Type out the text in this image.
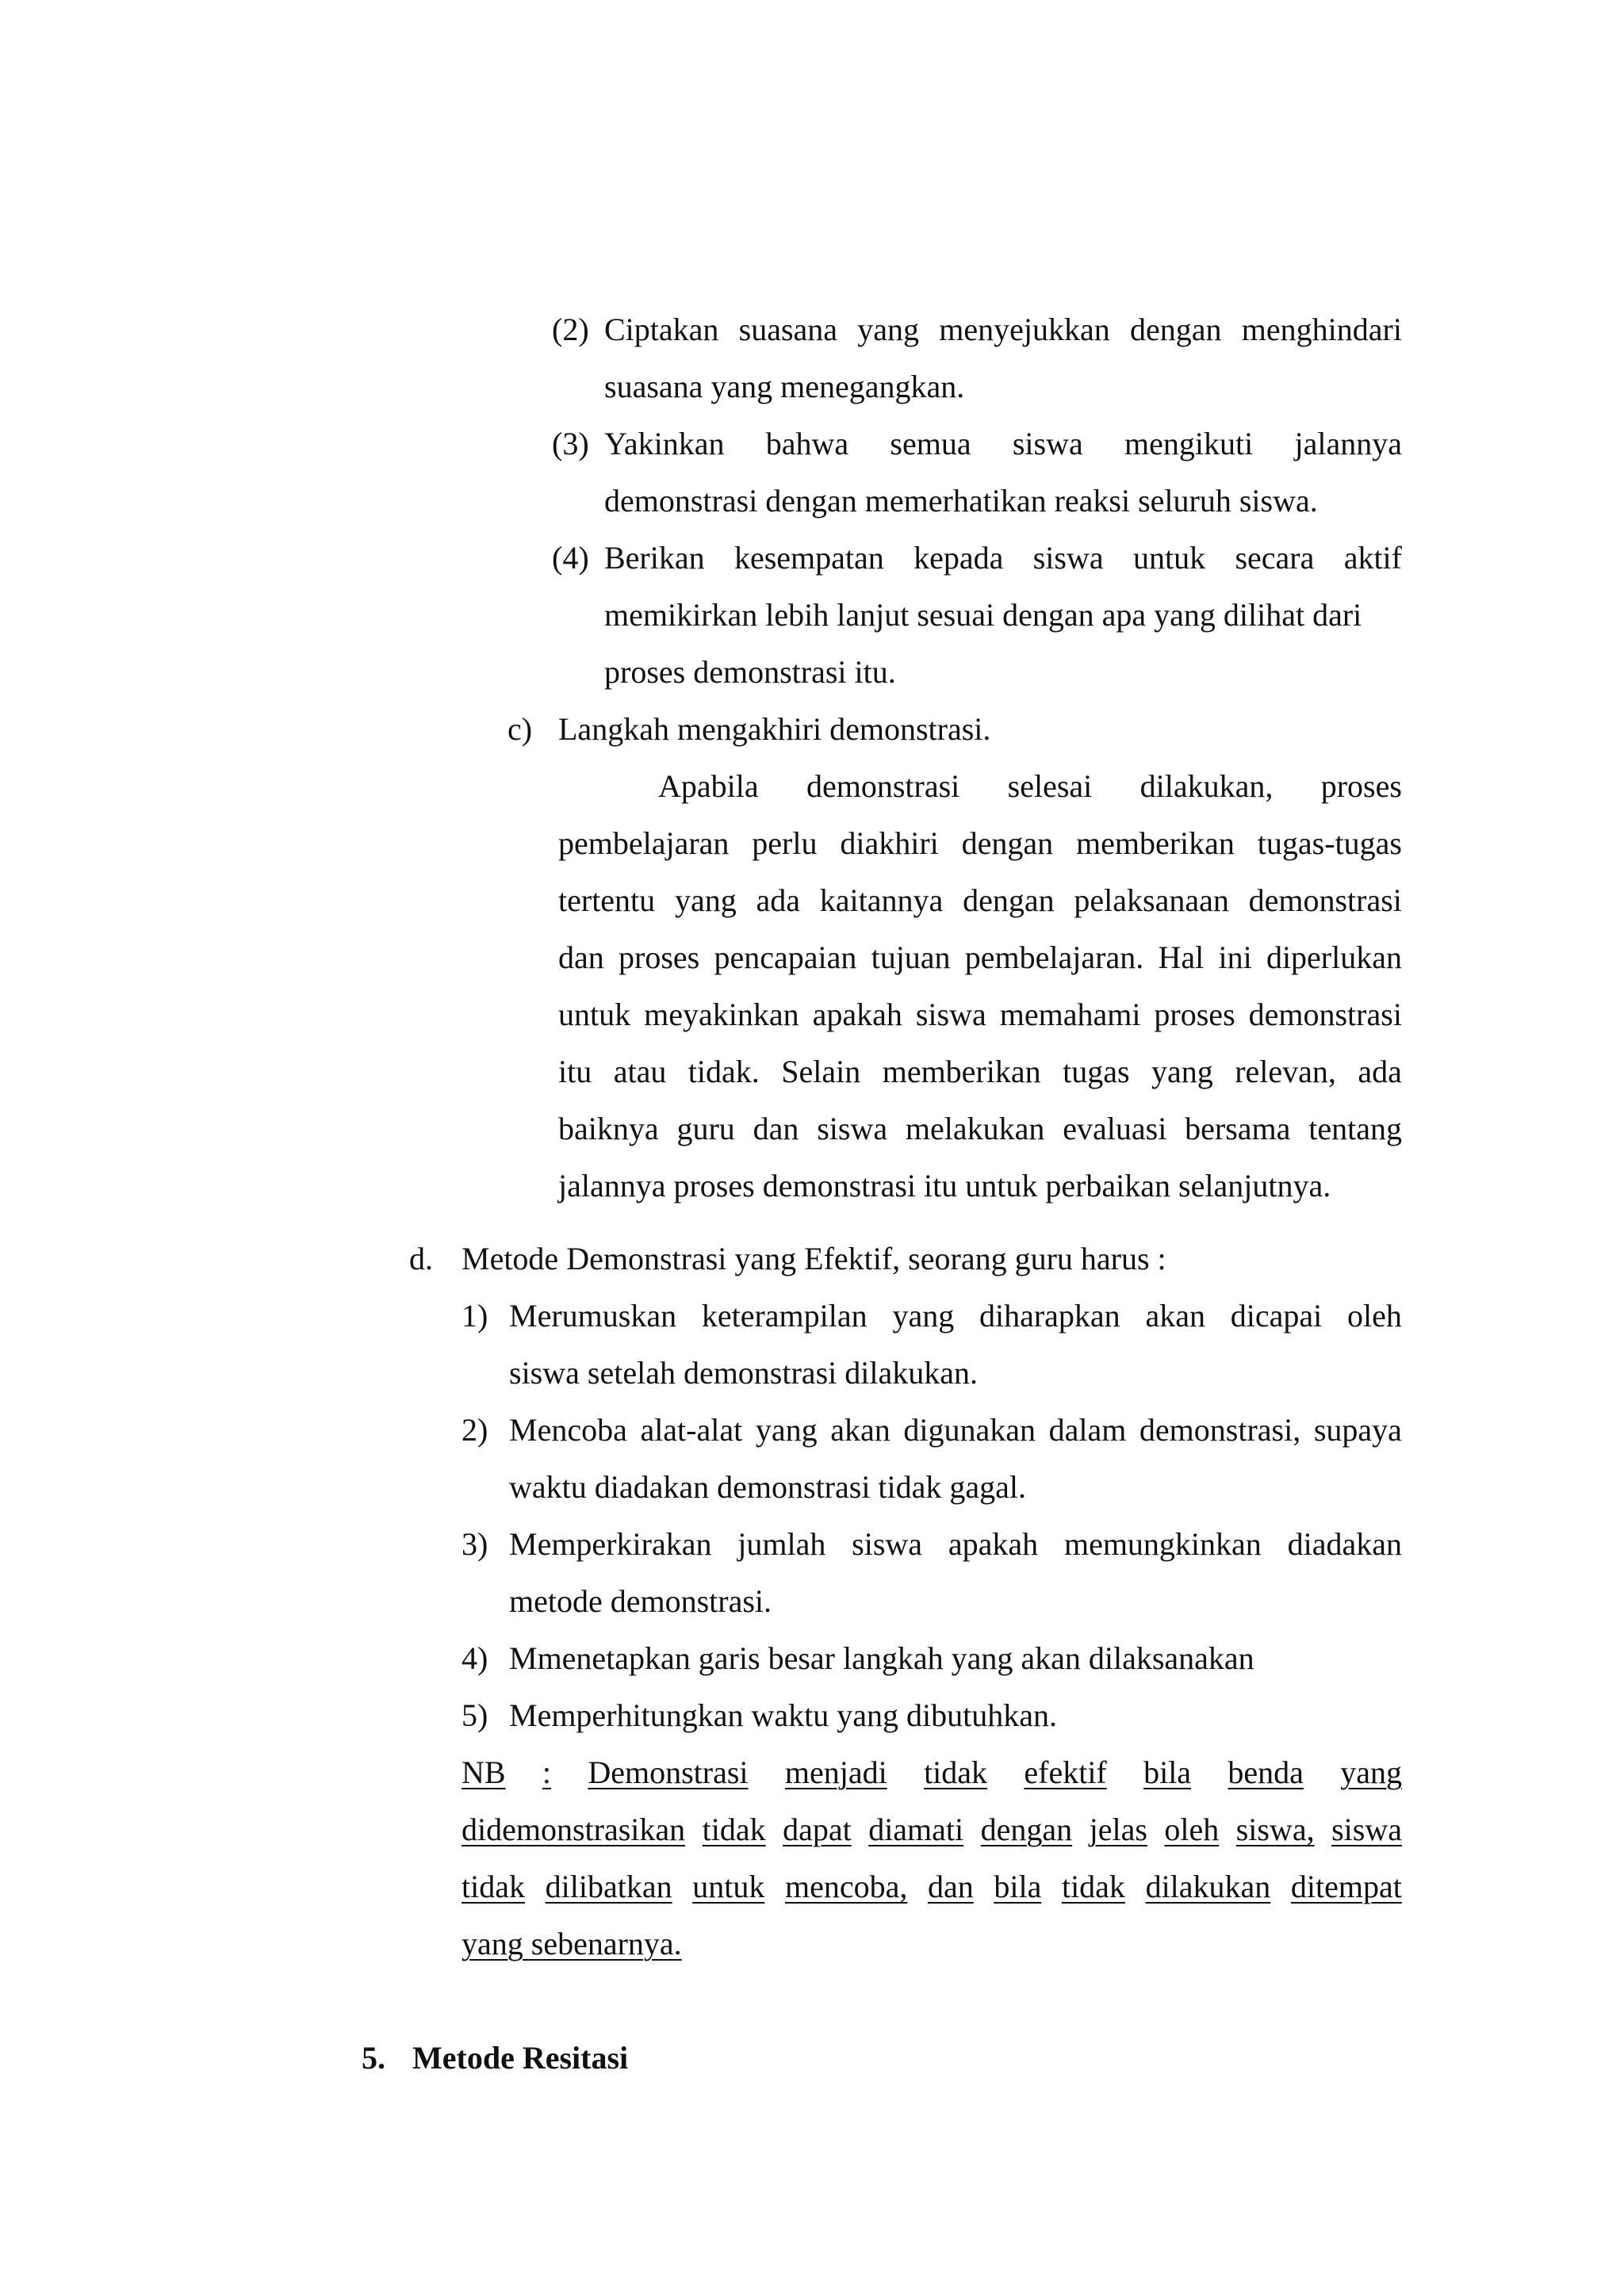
(2) Ciptakan suasana yang menyejukkan dengan menghindari
suasana yang menegangkan.
(3) Yakinkan bahwa semua siswa mengikuti jalannya
demonstrasi dengan memerhatikan reaksi seluruh siswa.
(4) Berikan kesempatan kepada siswa untuk secara aktif
memikirkan lebih lanjut sesuai dengan apa yang dilihat dari
proses demonstrasi itu.
c) Langkah mengakhiri demonstrasi.
Apabila demonstrasi selesai dilakukan, proses
pembelajaran perlu diakhiri dengan memberikan tugas-tugas
tertentu yang ada kaitannya dengan pelaksanaan demonstrasi
dan proses pencapaian tujuan pembelajaran. Hal ini diperlukan
untuk meyakinkan apakah siswa memahami proses demonstrasi
itu atau tidak. Selain memberikan tugas yang relevan, ada
baiknya guru dan siswa melakukan evaluasi bersama tentang
jalannya proses demonstrasi itu untuk perbaikan selanjutnya.
d. Metode Demonstrasi yang Efektif, seorang guru harus :
1) Merumuskan keterampilan yang diharapkan akan dicapai oleh
siswa setelah demonstrasi dilakukan.
2) Mencoba alat-alat yang akan digunakan dalam demonstrasi, supaya
waktu diadakan demonstrasi tidak gagal.
3) Memperkirakan jumlah siswa apakah memungkinkan diadakan
metode demonstrasi.
4) Mmenetapkan garis besar langkah yang akan dilaksanakan
5) Memperhitungkan waktu yang dibutuhkan.
NB : Demonstrasi menjadi tidak efektif bila benda yang
didemonstrasikan tidak dapat diamati dengan jelas oleh siswa, siswa
tidak dilibatkan untuk mencoba, dan bila tidak dilakukan ditempat
yang sebenarnya.
5. Metode Resitasi
